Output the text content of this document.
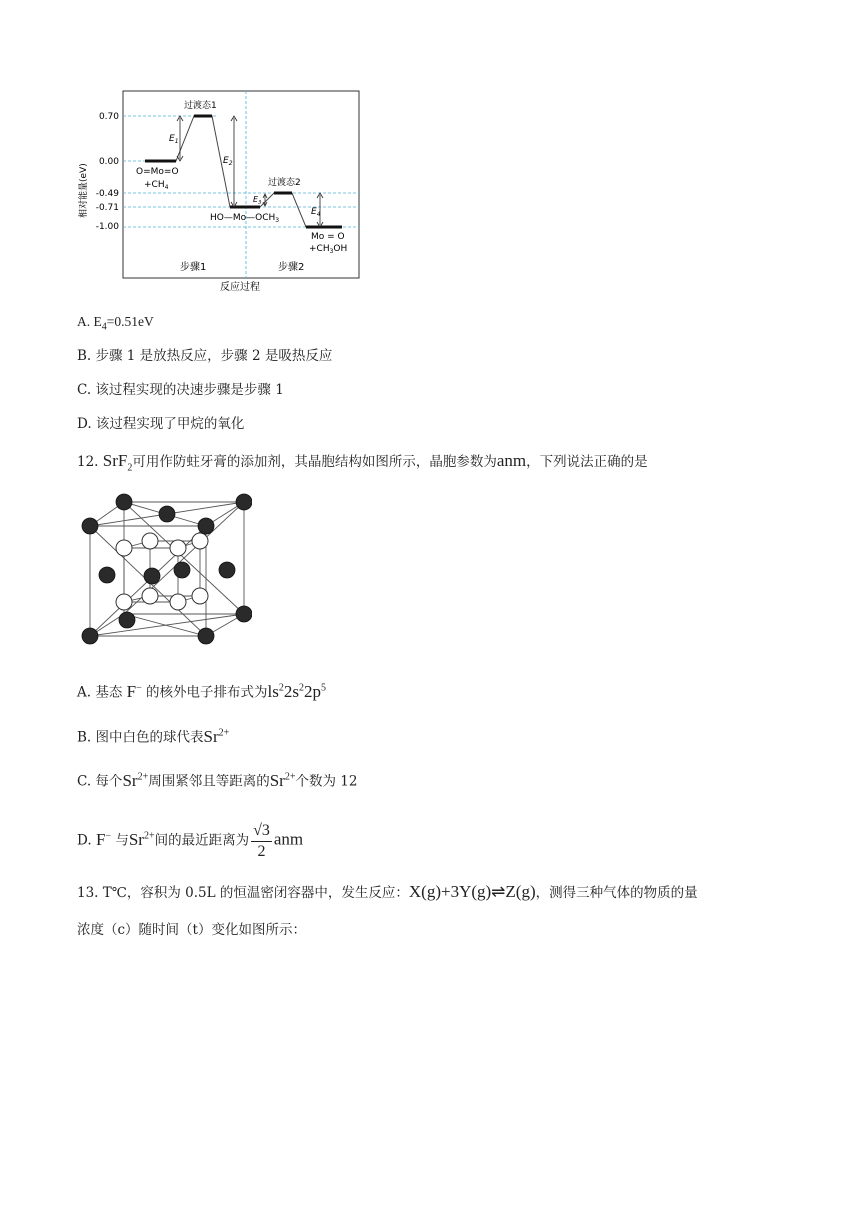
相对能量(eV)
0.70
0.00
-0.49
-0.71
-1.00
$E_1$
$E_2$
$E_3$
$E_4$
过渡态1
过渡态2
O=Mo=O
$+CH_4$
$HO—Mo—OCH_3$
Mo = O
$+CH_3OH$
步骤1	步骤2
反应过程
A. $E_4=0.51eV$
B. 步骤 1 是放热反应，步骤 2 是吸热反应
C. 该过程实现的决速步骤是步骤 1
D. 该过程实现了甲烷的氧化
12. SrF$_2$可用作防蛀牙膏的添加剂，其晶胞结构如图所示，晶胞参数为anm，下列说法正确的是
A. 基态 F− 的核外电子排布式为$ls^22s^22p^5$
B. 图中白色的球代表$Sr^{2+}$
C. 每个$Sr^{2+}$周围紧邻且等距离的$Sr^{2+}$个数为 12
D. F− 与$Sr^{2+}$间的最近距离为 $\frac{√3}{2}$ anm
13. T℃，容积为 0.5L 的恒温密闭容器中，发生反应：X(g)+3Y(g)⇌Z(g)，测得三种气体的物质的量
浓度（c）随时间（t）变化如图所示：
